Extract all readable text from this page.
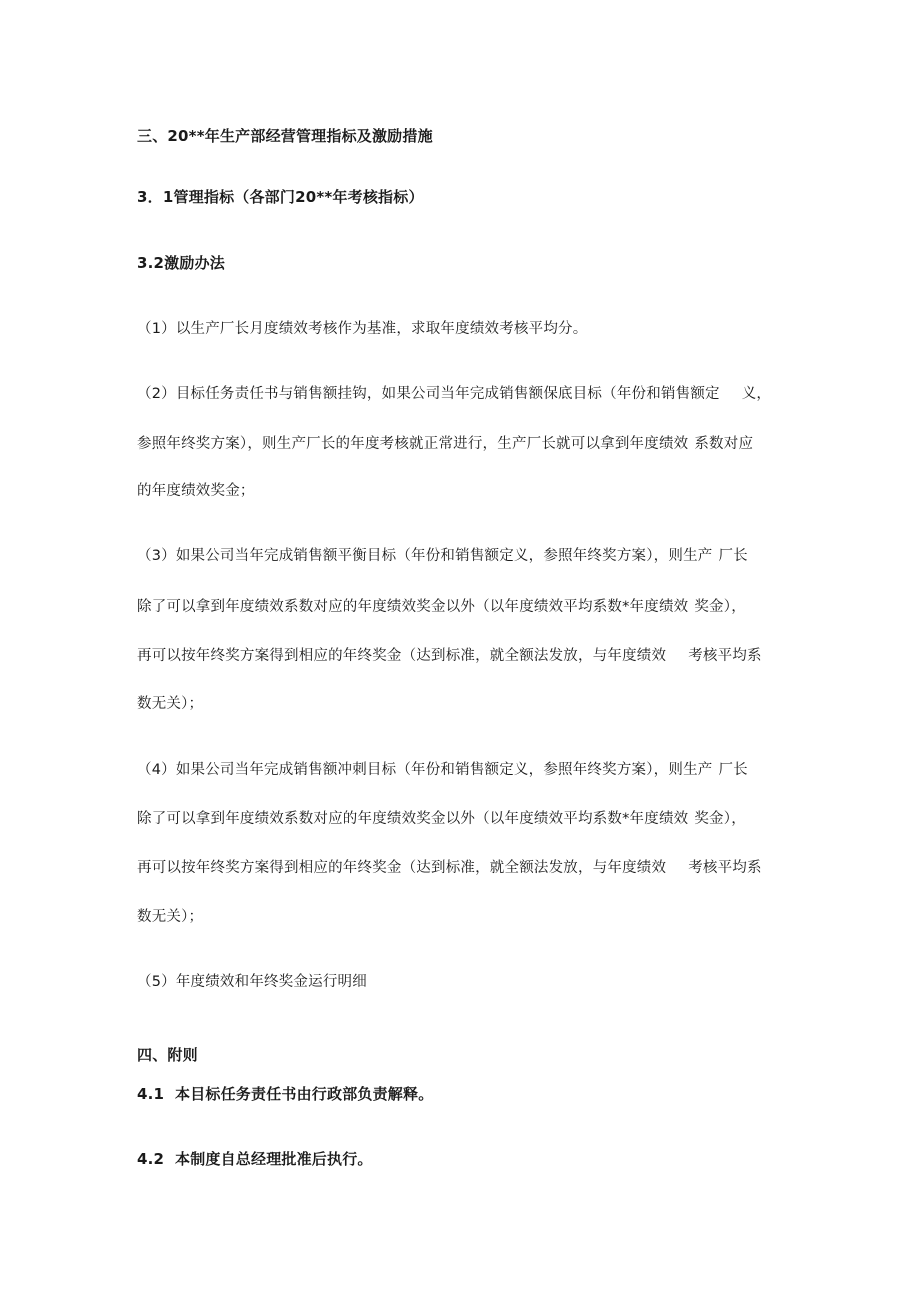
三、20**年生产部经营管理指标及激励措施
3．1管理指标（各部门20**年考核指标）
3.2激励办法
（1）以生产厂长月度绩效考核作为基准，求取年度绩效考核平均分。
（2）目标任务责任书与销售额挂钩，如果公司当年完成销售额保底目标（年份和销售额定 义，
参照年终奖方案），则生产厂长的年度考核就正常进行，生产厂长就可以拿到年度绩效 系数对应
的年度绩效奖金；
（3）如果公司当年完成销售额平衡目标（年份和销售额定义，参照年终奖方案），则生产 厂长
除了可以拿到年度绩效系数对应的年度绩效奖金以外（以年度绩效平均系数*年度绩效 奖金），
再可以按年终奖方案得到相应的年终奖金（达到标准，就全额法发放，与年度绩效 考核平均系
数无关）；
（4）如果公司当年完成销售额冲刺目标（年份和销售额定义，参照年终奖方案），则生产 厂长
除了可以拿到年度绩效系数对应的年度绩效奖金以外（以年度绩效平均系数*年度绩效 奖金），
再可以按年终奖方案得到相应的年终奖金（达到标准，就全额法发放，与年度绩效 考核平均系
数无关）；
（5）年度绩效和年终奖金运行明细
四、附则
4.1 本目标任务责任书由行政部负责解释。
4.2 本制度自总经理批准后执行。
